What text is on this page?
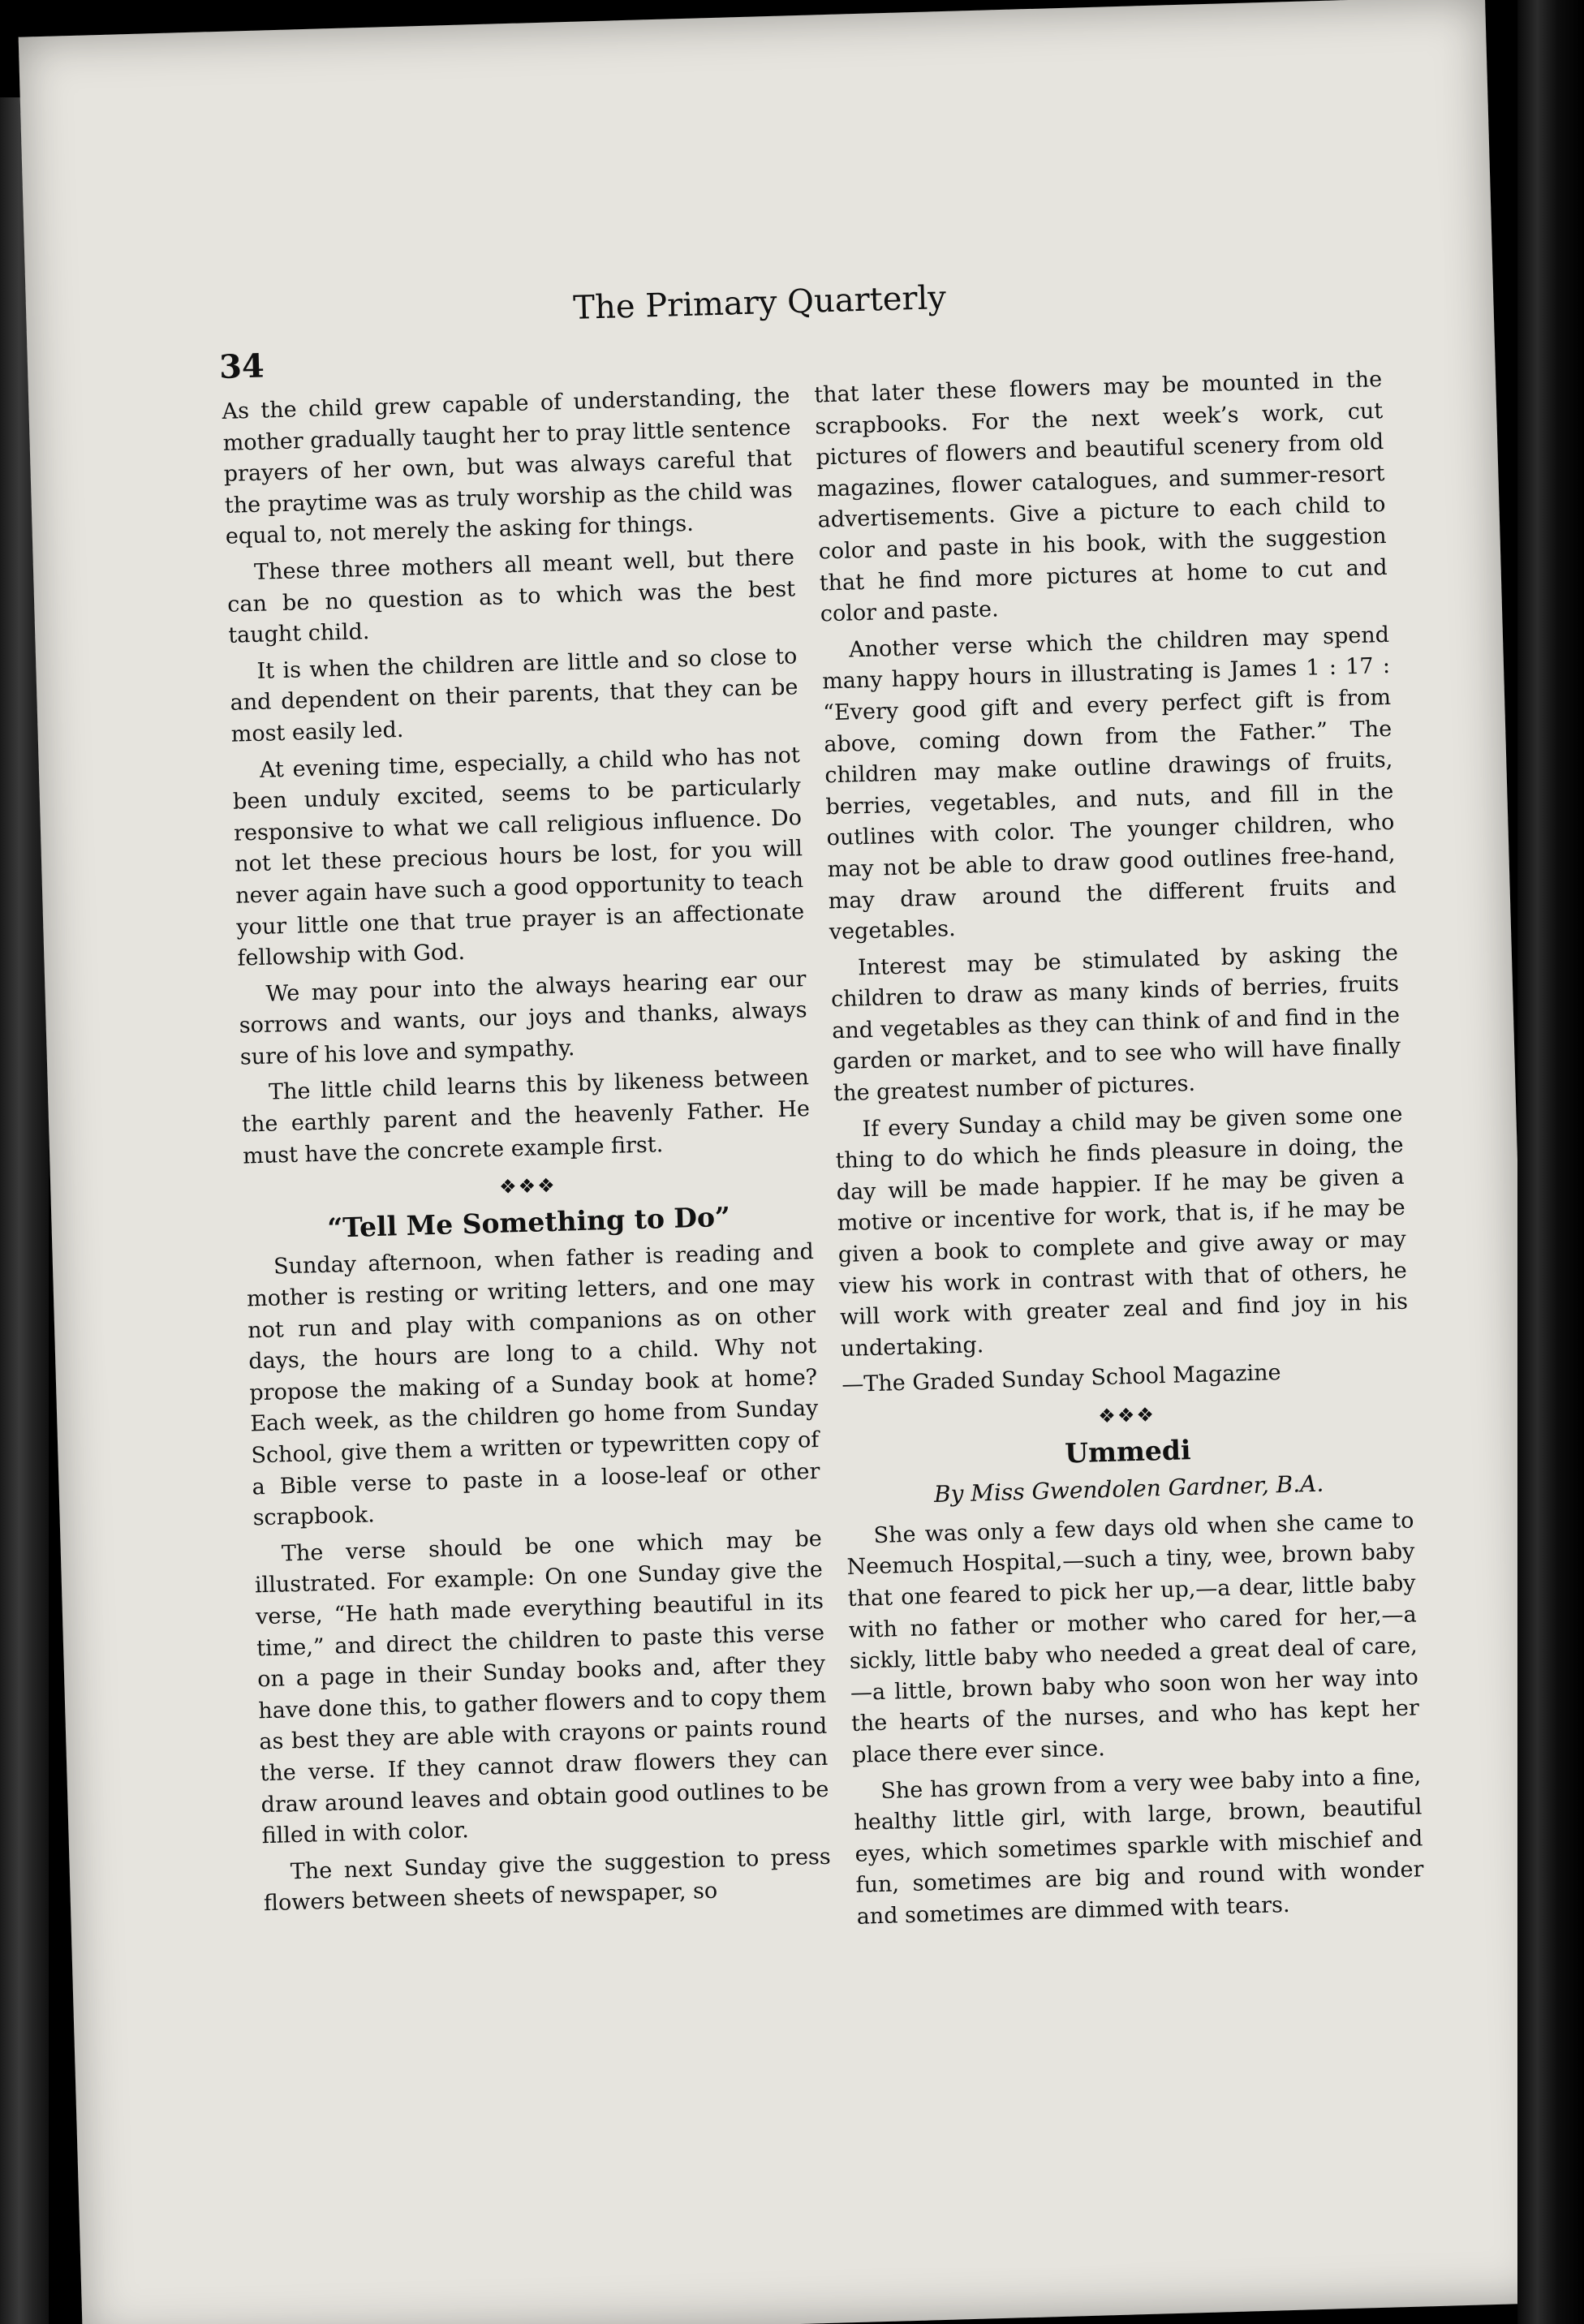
The Primary Quarterly
34

As the child grew capable of understanding, the mother gradually taught her to pray little sentence prayers of her own, but was always careful that the praytime was as truly worship as the child was equal to, not merely the asking for things.

These three mothers all meant well, but there can be no question as to which was the best taught child.

It is when the children are little and so close to and dependent on their parents, that they can be most easily led.

At evening time, especially, a child who has not been unduly excited, seems to be particularly responsive to what we call religious influence. Do not let these precious hours be lost, for you will never again have such a good opportunity to teach your little one that true prayer is an affectionate fellowship with God.

We may pour into the always hearing ear our sorrows and wants, our joys and thanks, always sure of his love and sympathy.

The little child learns this by likeness between the earthly parent and the heavenly Father. He must have the concrete example first.

❖❖❖
“Tell Me Something to Do”

Sunday afternoon, when father is reading and mother is resting or writing letters, and one may not run and play with companions as on other days, the hours are long to a child. Why not propose the making of a Sunday book at home? Each week, as the children go home from Sunday School, give them a written or typewritten copy of a Bible verse to paste in a loose-leaf or other scrapbook.

The verse should be one which may be illustrated. For example: On one Sunday give the verse, “He hath made everything beautiful in its time,” and direct the children to paste this verse on a page in their Sunday books and, after they have done this, to gather flowers and to copy them as best they are able with crayons or paints round the verse. If they cannot draw flowers they can draw around leaves and obtain good outlines to be filled in with color.

The next Sunday give the suggestion to press flowers between sheets of newspaper, so

that later these flowers may be mounted in the scrapbooks. For the next week’s work, cut pictures of flowers and beautiful scenery from old magazines, flower catalogues, and summer-resort advertisements. Give a picture to each child to color and paste in his book, with the suggestion that he find more pictures at home to cut and color and paste.

Another verse which the children may spend many happy hours in illustrating is James 1 : 17 : “Every good gift and every perfect gift is from above, coming down from the Father.” The children may make outline drawings of fruits, berries, vegetables, and nuts, and fill in the outlines with color. The younger children, who may not be able to draw good outlines free-hand, may draw around the different fruits and vegetables.

Interest may be stimulated by asking the children to draw as many kinds of berries, fruits and vegetables as they can think of and find in the garden or market, and to see who will have finally the greatest number of pictures.

If every Sunday a child may be given some one thing to do which he finds pleasure in doing, the day will be made happier. If he may be given a motive or incentive for work, that is, if he may be given a book to complete and give away or may view his work in contrast with that of others, he will work with greater zeal and find joy in his undertaking.

—The Graded Sunday School Magazine

❖❖❖
Ummedi
By Miss Gwendolen Gardner, B.A.

She was only a few days old when she came to Neemuch Hospital,—such a tiny, wee, brown baby that one feared to pick her up,—a dear, little baby with no father or mother who cared for her,—a sickly, little baby who needed a great deal of care,—a little, brown baby who soon won her way into the hearts of the nurses, and who has kept her place there ever since.

She has grown from a very wee baby into a fine, healthy little girl, with large, brown, beautiful eyes, which sometimes sparkle with mischief and fun, sometimes are big and round with wonder and sometimes are dimmed with tears.
